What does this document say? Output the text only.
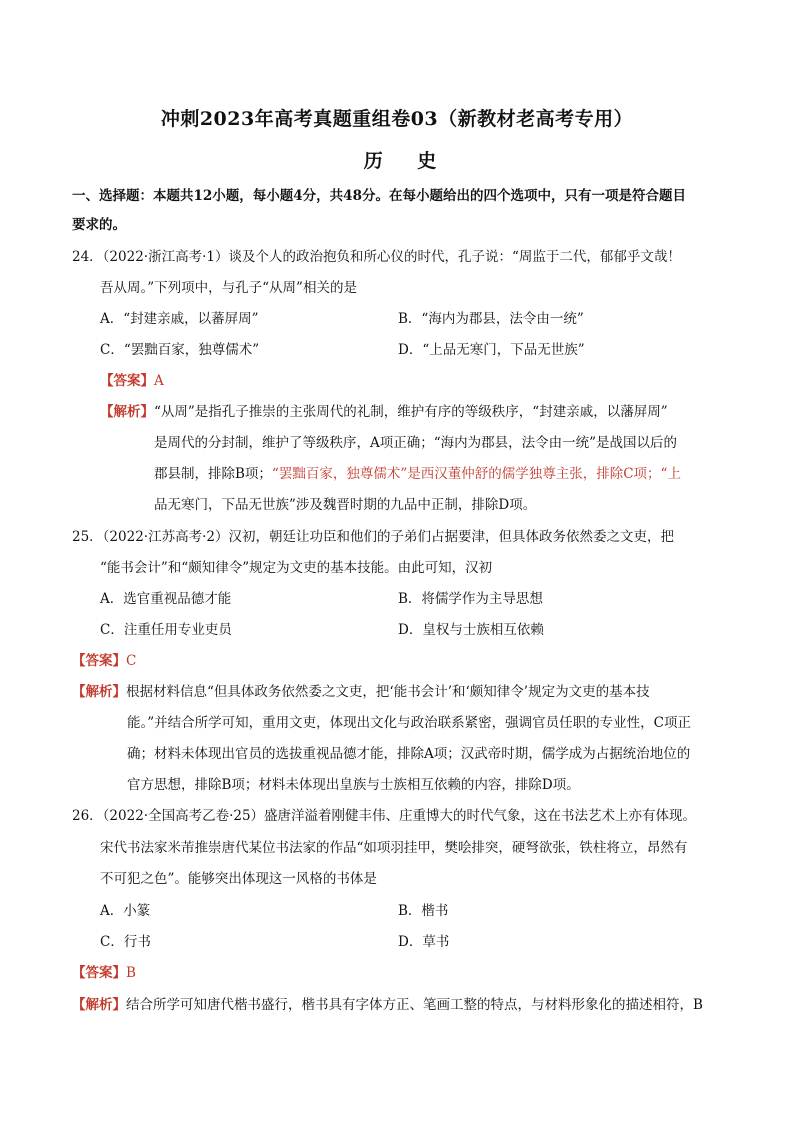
冲刺2023年高考真题重组卷03（新教材老高考专用）
历 史
一、选择题：本题共12小题，每小题4分，共48分。在每小题给出的四个选项中，只有一项是符合题目
要求的。
24．（2022·浙江高考·1）谈及个人的政治抱负和所心仪的时代，孔子说：“周监于二代，郁郁乎文哉！
吾从周。”下列项中，与孔子“从周”相关的是
A．“封建亲戚，以蕃屏周”	B．“海内为郡县，法令由一统”
C．“罢黜百家，独尊儒术”	D．“上品无寒门，下品无世族”
【答案】A
【解析】“从周”是指孔子推崇的主张周代的礼制，维护有序的等级秩序，“封建亲戚，以藩屏周”
是周代的分封制，维护了等级秩序，A项正确；“海内为郡县，法令由一统”是战国以后的
郡县制，排除B项；“罢黜百家，独尊儒术”是西汉董仲舒的儒学独尊主张，排除C项；“上
品无寒门，下品无世族”涉及魏晋时期的九品中正制，排除D项。
25．（2022·江苏高考·2）汉初，朝廷让功臣和他们的子弟们占据要津，但具体政务依然委之文吏，把
“能书会计”和“颇知律令”规定为文吏的基本技能。由此可知，汉初
A．选官重视品德才能	B．将儒学作为主导思想
C．注重任用专业吏员	D．皇权与士族相互依赖
【答案】C
【解析】根据材料信息“但具体政务依然委之文吏，把‘能书会计’和‘颇知律令’规定为文吏的基本技
能。”并结合所学可知，重用文吏，体现出文化与政治联系紧密，强调官员任职的专业性，C项正
确；材料未体现出官员的选拔重视品德才能，排除A项；汉武帝时期，儒学成为占据统治地位的
官方思想，排除B项；材料未体现出皇族与士族相互依赖的内容，排除D项。
26．（2022·全国高考乙卷·25）盛唐洋溢着刚健丰伟、庄重博大的时代气象，这在书法艺术上亦有体现。
宋代书法家米芾推崇唐代某位书法家的作品“如项羽挂甲，樊哙排突，硬弩欲张，铁柱将立，昂然有
不可犯之色”。能够突出体现这一风格的书体是
A．小篆	B．楷书
C．行书	D．草书
【答案】B
【解析】结合所学可知唐代楷书盛行，楷书具有字体方正、笔画工整的特点，与材料形象化的描述相符，B
